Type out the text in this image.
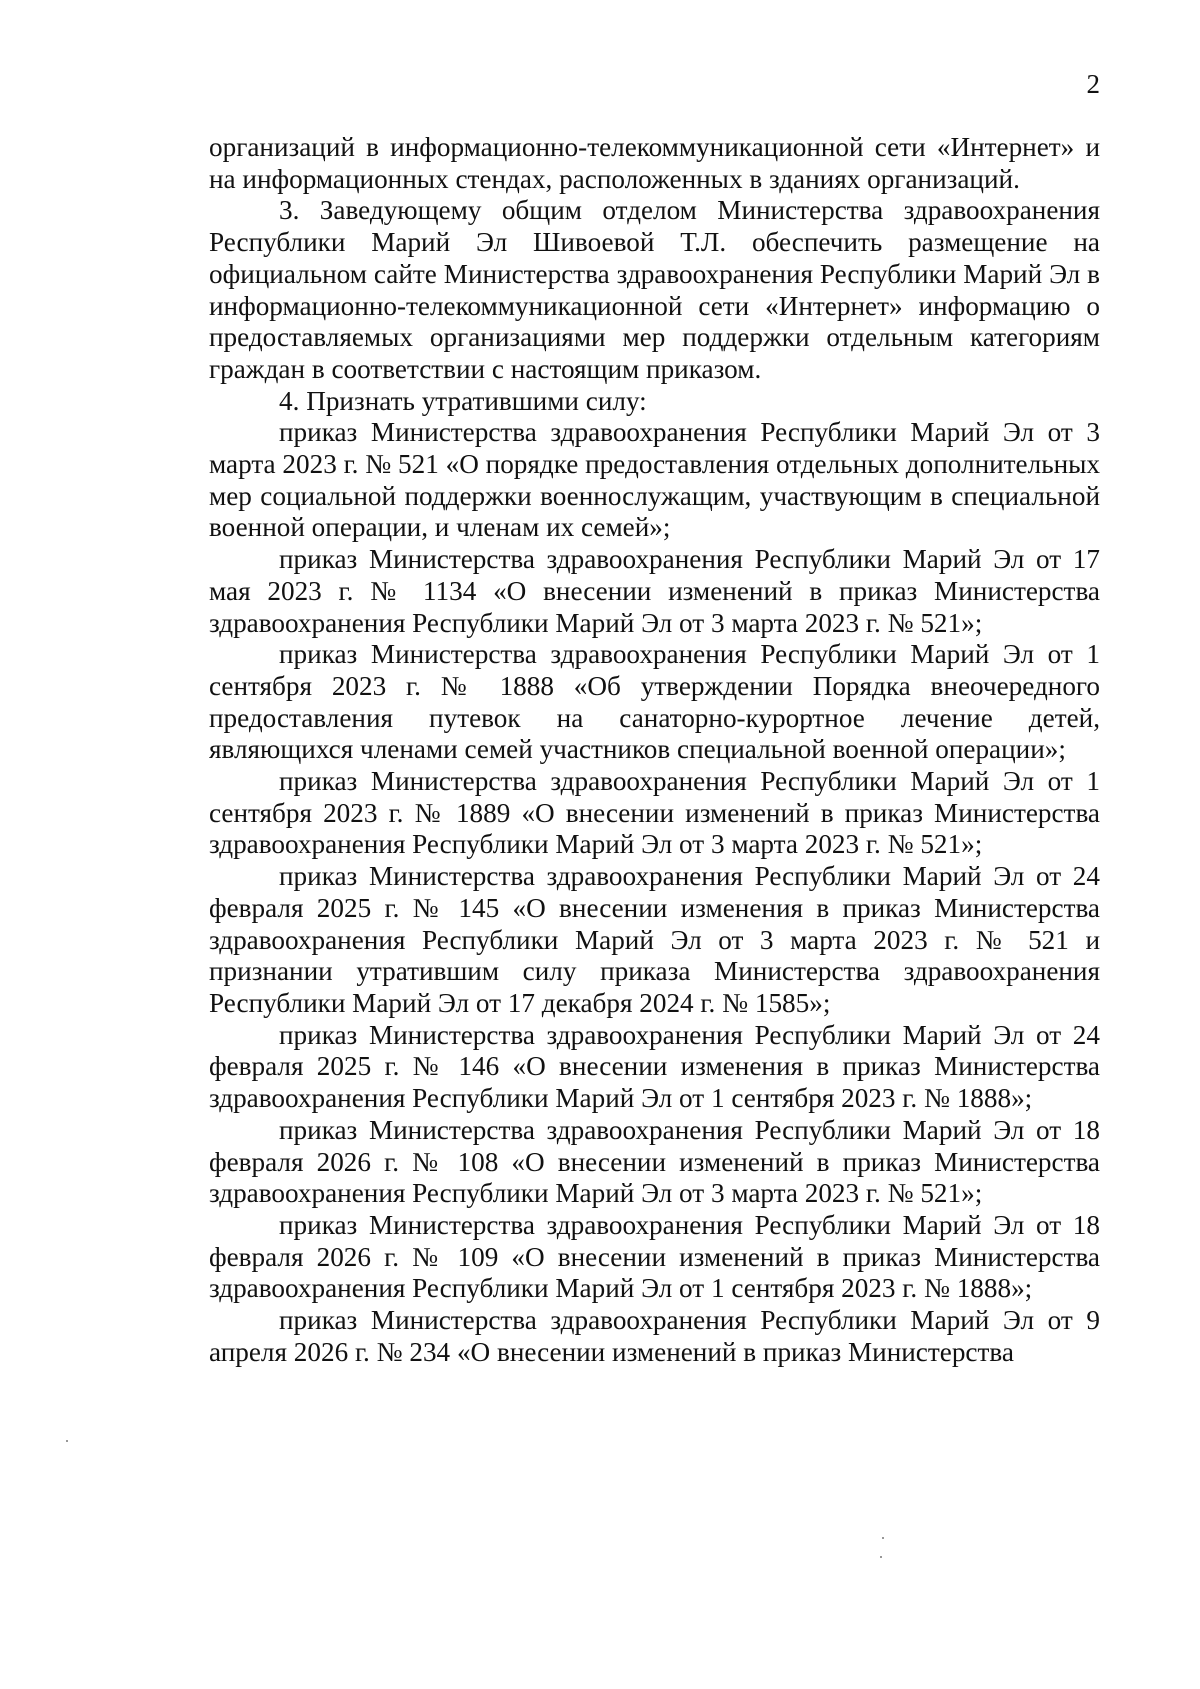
2

организаций в информационно-телекоммуникационной сети «Интернет» и на информационных стендах, расположенных в зданиях организаций.

3. Заведующему общим отделом Министерства здравоохранения Республики Марий Эл Шивоевой Т.Л. обеспечить размещение на официальном сайте Министерства здравоохранения Республики Марий Эл в информационно-телекоммуникационной сети «Интернет» информацию о предоставляемых организациями мер поддержки отдельным категориям граждан в соответствии с настоящим приказом.

4. Признать утратившими силу:

приказ Министерства здравоохранения Республики Марий Эл от 3 марта 2023 г. № 521 «О порядке предоставления отдельных дополнительных мер социальной поддержки военнослужащим, участвующим в специальной военной операции, и членам их семей»;

приказ Министерства здравоохранения Республики Марий Эл от 17 мая 2023 г. № 1134 «О внесении изменений в приказ Министерства здравоохранения Республики Марий Эл от 3 марта 2023 г. № 521»;

приказ Министерства здравоохранения Республики Марий Эл от 1 сентября 2023 г. № 1888 «Об утверждении Порядка внеочередного предоставления путевок на санаторно-курортное лечение детей, являющихся членами семей участников специальной военной операции»;

приказ Министерства здравоохранения Республики Марий Эл от 1 сентября 2023 г. № 1889 «О внесении изменений в приказ Министерства здравоохранения Республики Марий Эл от 3 марта 2023 г. № 521»;

приказ Министерства здравоохранения Республики Марий Эл от 24 февраля 2025 г. № 145 «О внесении изменения в приказ Министерства здравоохранения Республики Марий Эл от 3 марта 2023 г. № 521 и признании утратившим силу приказа Министерства здравоохранения Республики Марий Эл от 17 декабря 2024 г. № 1585»;

приказ Министерства здравоохранения Республики Марий Эл от 24 февраля 2025 г. № 146 «О внесении изменения в приказ Министерства здравоохранения Республики Марий Эл от 1 сентября 2023 г. № 1888»;

приказ Министерства здравоохранения Республики Марий Эл от 18 февраля 2026 г. № 108 «О внесении изменений в приказ Министерства здравоохранения Республики Марий Эл от 3 марта 2023 г. № 521»;

приказ Министерства здравоохранения Республики Марий Эл от 18 февраля 2026 г. № 109 «О внесении изменений в приказ Министерства здравоохранения Республики Марий Эл от 1 сентября 2023 г. № 1888»;

приказ Министерства здравоохранения Республики Марий Эл от 9 апреля 2026 г. № 234 «О внесении изменений в приказ Министерства
